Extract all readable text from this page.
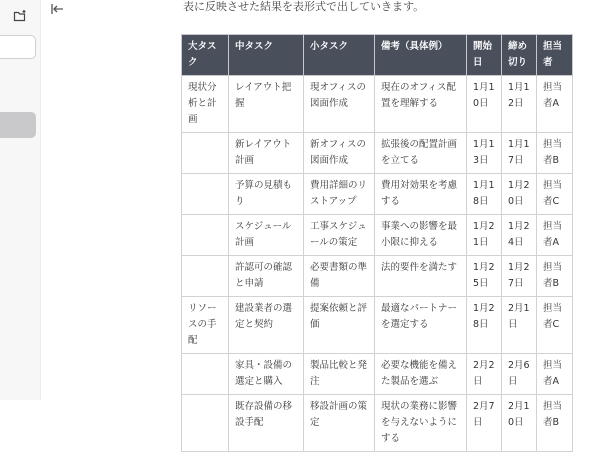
表に反映させた結果を表形式で出していきます。

大タスク	中タスク	小タスク	備考（具体例）	開始日	締め切り	担当者
現状分析と計画	レイアウト把握	現オフィスの図面作成	現在のオフィス配置を理解する	1月10日	1月12日	担当者A
	新レイアウト計画	新オフィスの図面作成	拡張後の配置計画を立てる	1月13日	1月17日	担当者B
	予算の見積もり	費用詳細のリストアップ	費用対効果を考慮する	1月18日	1月20日	担当者C
	スケジュール計画	工事スケジュールの策定	事業への影響を最小限に抑える	1月21日	1月24日	担当者A
	許認可の確認と申請	必要書類の準備	法的要件を満たす	1月25日	1月27日	担当者B
リソースの手配	建設業者の選定と契約	提案依頼と評価	最適なパートナーを選定する	1月28日	2月1日	担当者C
	家具・設備の選定と購入	製品比較と発注	必要な機能を備えた製品を選ぶ	2月2日	2月6日	担当者A
	既存設備の移設手配	移設計画の策定	現状の業務に影響を与えないようにする	2月7日	2月10日	担当者B
